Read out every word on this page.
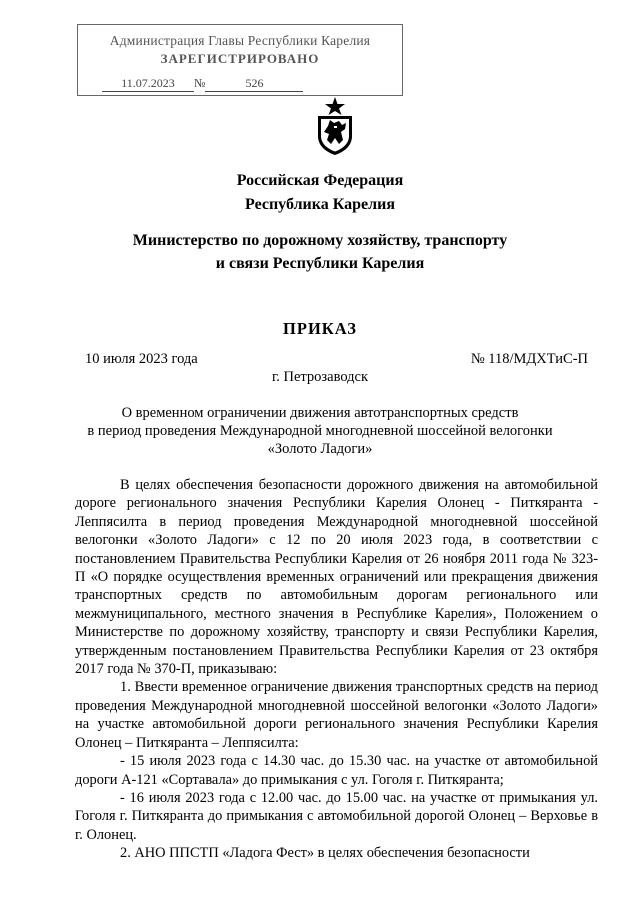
Администрация Главы Республики Карелия
ЗАРЕГИСТРИРОВАНО
11.07.2023 №	526
Российская Федерация
Республика Карелия
Министерство по дорожному хозяйству, транспорту
и связи Республики Карелия
ПРИКАЗ
10 июля 2023 года	№ 118/МДХТиС-П
г. Петрозаводск
О временном ограничении движения автотранспортных средств
в период проведения Международной многодневной шоссейной велогонки
«Золото Ладоги»

В целях обеспечения безопасности дорожного движения на автомобильной дороге регионального значения Республики Карелия Олонец - Питкяранта - Леппясилта в период проведения Международной многодневной шоссейной велогонки «Золото Ладоги» с 12 по 20 июля 2023 года, в соответствии с постановлением Правительства Республики Карелия от 26 ноября 2011 года № 323-П «О порядке осуществления временных ограничений или прекращения движения транспортных средств по автомобильным дорогам регионального или межмуниципального, местного значения в Республике Карелия», Положением о Министерстве по дорожному хозяйству, транспорту и связи Республики Карелия, утвержденным постановлением Правительства Республики Карелия от 23 октября 2017 года № 370-П, приказываю:

1. Ввести временное ограничение движения транспортных средств на период проведения Международной многодневной шоссейной велогонки «Золото Ладоги» на участке автомобильной дороги регионального значения Республики Карелия Олонец – Питкяранта – Леппясилта:

- 15 июля 2023 года с 14.30 час. до 15.30 час. на участке от автомобильной дороги А-121 «Сортавала» до примыкания с ул. Гоголя г. Питкяранта;

- 16 июля 2023 года с 12.00 час. до 15.00 час. на участке от примыкания ул. Гоголя г. Питкяранта до примыкания с автомобильной дорогой Олонец – Верховье в г. Олонец.

2. АНО ППСТП «Ладога Фест» в целях обеспечения безопасности
